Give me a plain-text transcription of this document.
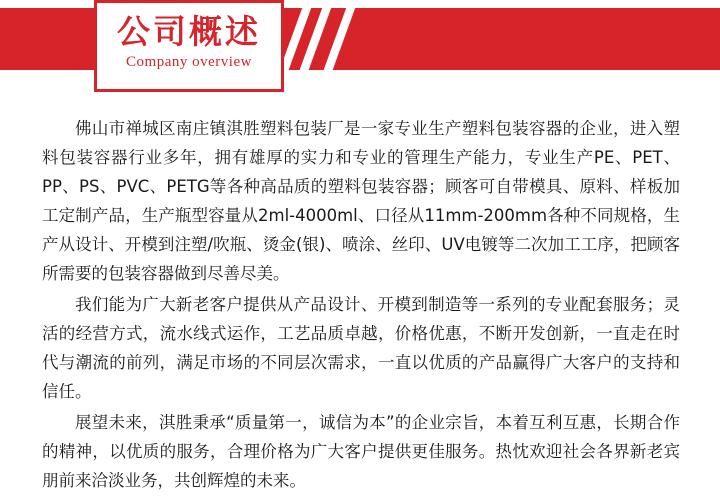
公司概述

Company overview

佛山市禅城区南庄镇淇胜塑料包装厂是一家专业生产塑料包装容器的企业，进入塑料包装容器行业多年，拥有雄厚的实力和专业的管理生产能力，专业生产PE、PET、PP、PS、PVC、PETG等各种高品质的塑料包装容器；顾客可自带模具、原料、样板加工定制产品，生产瓶型容量从2ml-4000ml、口径从11mm-200mm各种不同规格，生产从设计、开模到注塑/吹瓶、烫金(银)、喷涂、丝印、UV电镀等二次加工工序，把顾客所需要的包装容器做到尽善尽美。

我们能为广大新老客户提供从产品设计、开模到制造等一系列的专业配套服务；灵活的经营方式，流水线式运作，工艺品质卓越，价格优惠，不断开发创新，一直走在时代与潮流的前列，满足市场的不同层次需求，一直以优质的产品赢得广大客户的支持和信任。

展望未来，淇胜秉承“质量第一，诚信为本”的企业宗旨，本着互利互惠，长期合作的精神，以优质的服务，合理价格为广大客户提供更佳服务。热忱欢迎社会各界新老宾朋前来洽淡业务，共创辉煌的未来。
